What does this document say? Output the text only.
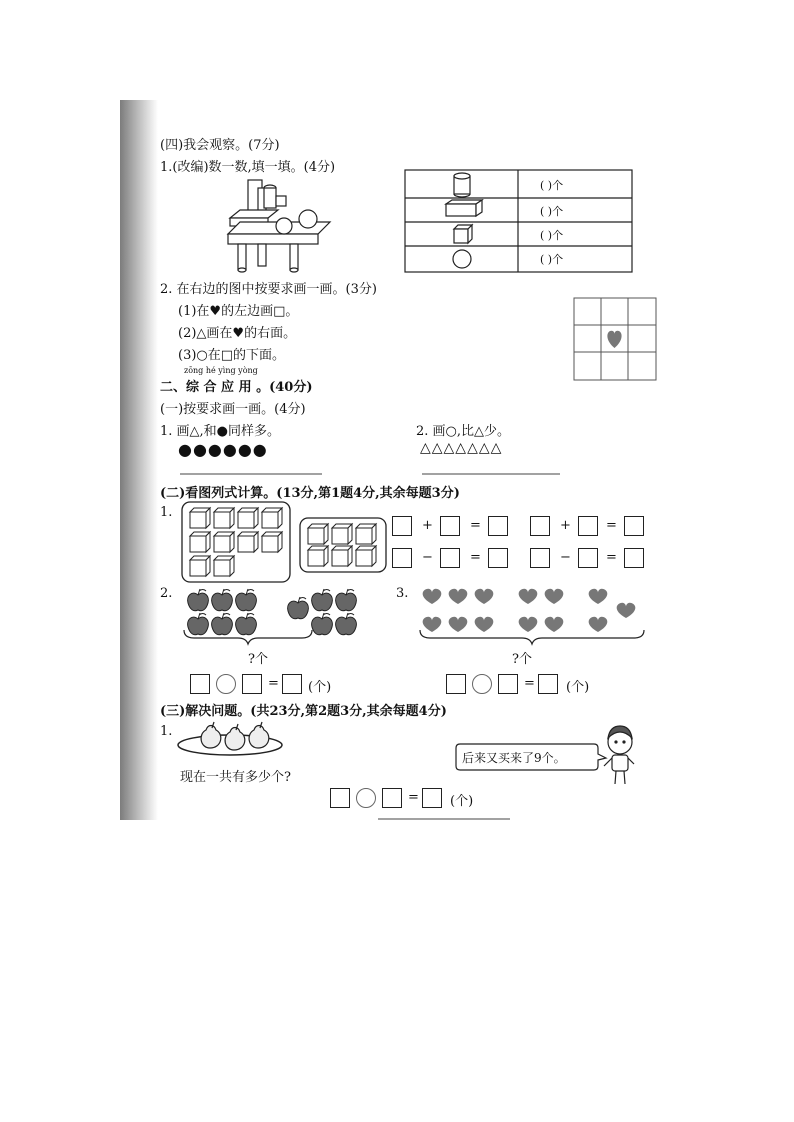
(四)我会观察。(7分)
1.(改编)数一数,填一填。(4分)
( )个
( )个
( )个
( )个
2. 在右边的图中按要求画一画。(3分)
(1)在♥的左边画□。
(2)△画在♥的右面。
(3)○在□的下面。
zōng hé yìng yòng
二、综 合 应 用 。(40分)
(一)按要求画一画。(4分)
1. 画△,和●同样多。
●●●●●●
2. 画○,比△少。
△△△△△△△
(二)看图列式计算。(13分,第1题4分,其余每题3分)
1.
+	=	+	=
−	=	−	=
2.	3.
?个	?个
= (个)	= (个)
(三)解决问题。(共23分,第2题3分,其余每题4分)
1.
后来又买来了9个。
现在一共有多少个?
= (个)
